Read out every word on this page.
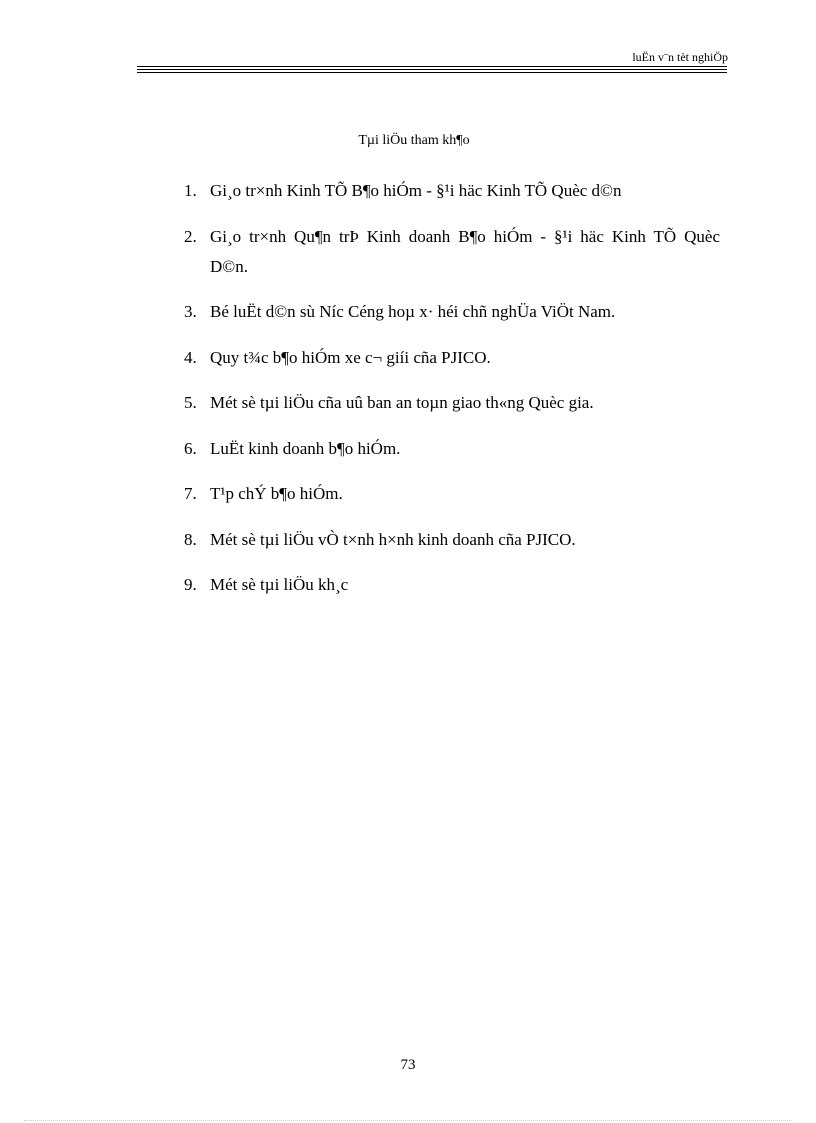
luËn v¨n tèt nghiÖp
Tµi liÖu tham kh¶o
1. Gi¸o tr×nh Kinh TÕ B¶o hiÓm - §¹i häc Kinh TÕ Quèc d©n
2. Gi¸o tr×nh Qu¶n trÞ Kinh doanh B¶o hiÓm - §¹i häc Kinh TÕ Quèc D©n.
3. Bé luËt d©n sù Níc Céng hoµ x· héi chñ nghÜa ViÖt Nam.
4. Quy t¾c b¶o hiÓm xe c¬ giíi cña PJICO.
5. Mét sè tµi liÖu cña uû ban an toµn giao th«ng Quèc gia.
6. LuËt kinh doanh b¶o hiÓm.
7. T¹p chÝ b¶o hiÓm.
8. Mét sè tµi liÖu vÒ t×nh h×nh kinh doanh cña PJICO.
9. Mét sè tµi liÖu kh¸c
73
